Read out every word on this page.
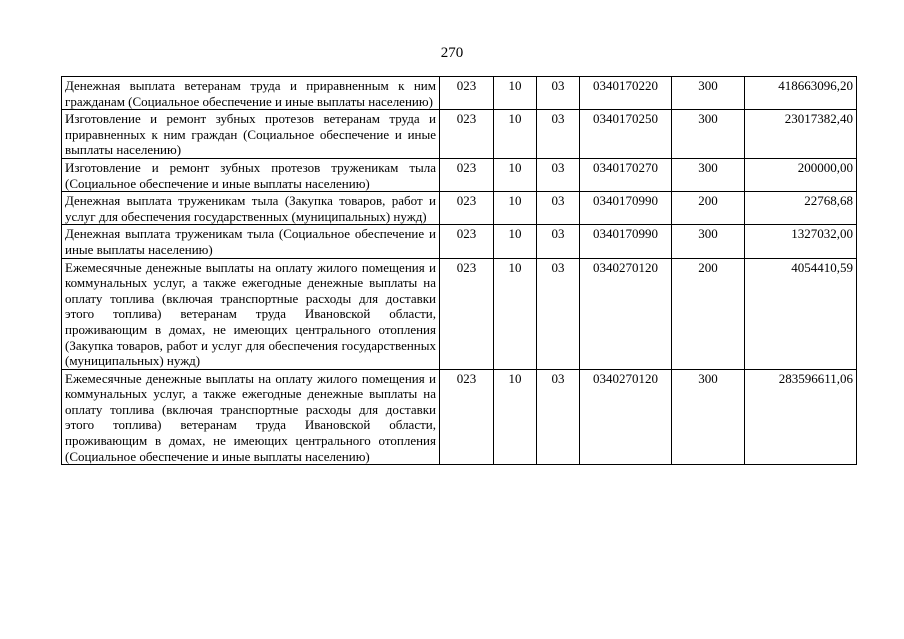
270
Денежная выплата ветеранам труда и приравненным к ним гражданам (Социальное обеспечение и иные выплаты населению)	023	10	03	0340170220	300	418663096,20
Изготовление и ремонт зубных протезов ветеранам труда и приравненных к ним граждан (Социальное обеспечение и иные выплаты населению)	023	10	03	0340170250	300	23017382,40
Изготовление и ремонт зубных протезов труженикам тыла (Социальное обеспечение и иные выплаты населению)	023	10	03	0340170270	300	200000,00
Денежная выплата труженикам тыла (Закупка товаров, работ и услуг для обеспечения государственных (муниципальных) нужд)	023	10	03	0340170990	200	22768,68
Денежная выплата труженикам тыла (Социальное обеспечение и иные выплаты населению)	023	10	03	0340170990	300	1327032,00
Ежемесячные денежные выплаты на оплату жилого помещения и коммунальных услуг, а также ежегодные денежные выплаты на оплату топлива (включая транспортные расходы для доставки этого топлива) ветеранам труда Ивановской области, проживающим в домах, не имеющих центрального отопления (Закупка товаров, работ и услуг для обеспечения государственных (муниципальных) нужд)	023	10	03	0340270120	200	4054410,59
Ежемесячные денежные выплаты на оплату жилого помещения и коммунальных услуг, а также ежегодные денежные выплаты на оплату топлива (включая транспортные расходы для доставки этого топлива) ветеранам труда Ивановской области, проживающим в домах, не имеющих центрального отопления (Социальное обеспечение и иные выплаты населению)	023	10	03	0340270120	300	283596611,06
